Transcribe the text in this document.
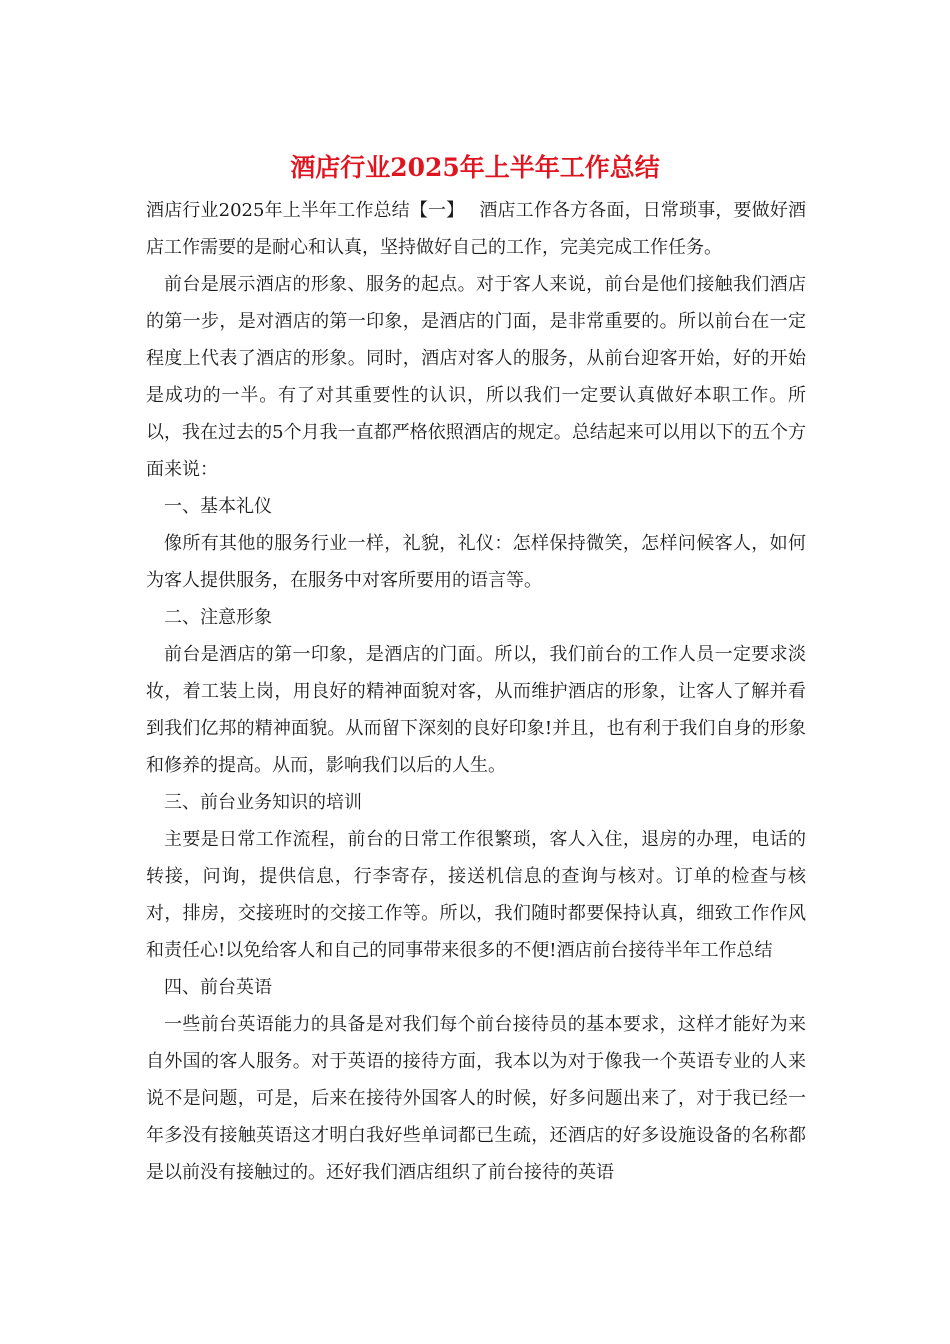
酒店行业2025年上半年工作总结

酒店行业2025年上半年工作总结【一】　 酒店工作各方各面，日常琐事，要做好酒店工作需要的是耐心和认真，坚持做好自己的工作，完美完成工作任务。

前台是展示酒店的形象、服务的起点。对于客人来说，前台是他们接触我们酒店的第一步，是对酒店的第一印象，是酒店的门面，是非常重要的。所以前台在一定程度上代表了酒店的形象。同时，酒店对客人的服务，从前台迎客开始，好的开始是成功的一半。有了对其重要性的认识，所以我们一定要认真做好本职工作。所以，我在过去的5个月我一直都严格依照酒店的规定。总结起来可以用以下的五个方面来说：

一、基本礼仪

像所有其他的服务行业一样，礼貌，礼仪：怎样保持微笑，怎样问候客人，如何为客人提供服务，在服务中对客所要用的语言等。

二、注意形象

前台是酒店的第一印象，是酒店的门面。所以，我们前台的工作人员一定要求淡妆，着工装上岗，用良好的精神面貌对客，从而维护酒店的形象，让客人了解并看到我们亿邦的精神面貌。从而留下深刻的良好印象!并且，也有利于我们自身的形象和修养的提高。从而，影响我们以后的人生。

三、前台业务知识的培训

主要是日常工作流程，前台的日常工作很繁琐，客人入住，退房的办理，电话的转接，问询，提供信息，行李寄存，接送机信息的查询与核对。订单的检查与核对，排房，交接班时的交接工作等。所以，我们随时都要保持认真，细致工作作风和责任心!以免给客人和自己的同事带来很多的不便!酒店前台接待半年工作总结

四、前台英语

一些前台英语能力的具备是对我们每个前台接待员的基本要求，这样才能好为来自外国的客人服务。对于英语的接待方面，我本以为对于像我一个英语专业的人来说不是问题，可是，后来在接待外国客人的时候，好多问题出来了，对于我已经一年多没有接触英语这才明白我好些单词都已生疏，还酒店的好多设施设备的名称都是以前没有接触过的。还好我们酒店组织了前台接待的英语
